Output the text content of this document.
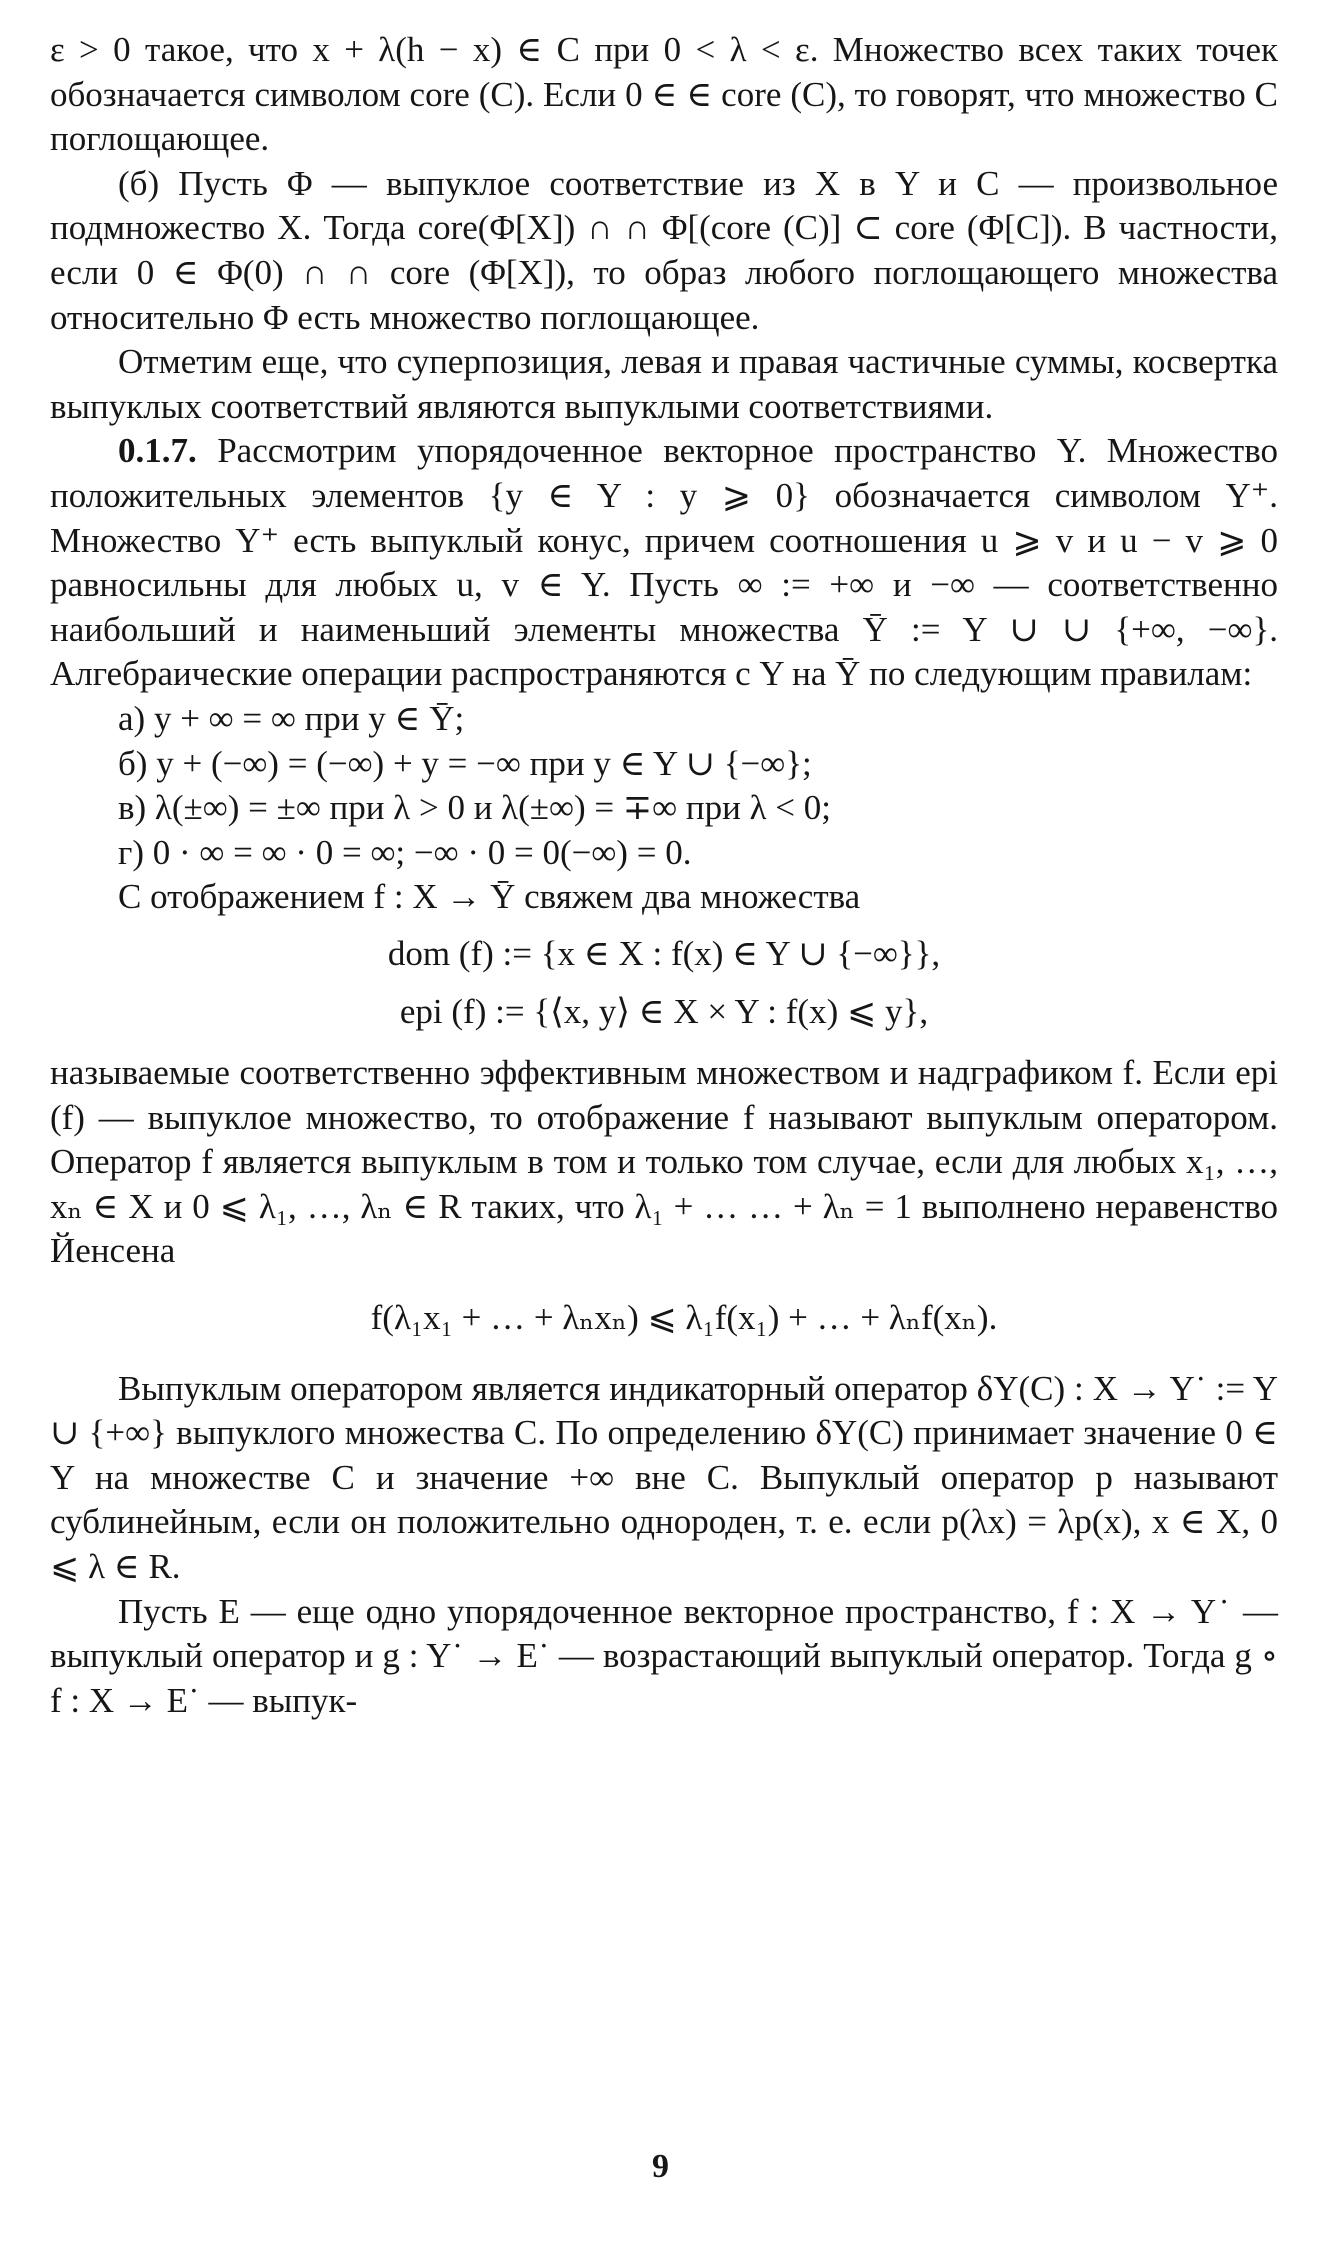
ε > 0 такое, что x + λ(h − x) ∈ C при 0 < λ < ε. Множество всех таких точек обозначается символом core (C). Если 0 ∈ ∈ core (C), то говорят, что множество C поглощающее.

(б) Пусть Φ — выпуклое соответствие из X в Y и C — произвольное подмножество X. Тогда core(Φ[X]) ∩ ∩ Φ[(core (C)] ⊂ core (Φ[C]). В частности, если 0 ∈ Φ(0) ∩ ∩ core (Φ[X]), то образ любого поглощающего множества относительно Φ есть множество поглощающее.

Отметим еще, что суперпозиция, левая и правая частичные суммы, косвертка выпуклых соответствий являются выпуклыми соответствиями.

0.1.7. Рассмотрим упорядоченное векторное пространство Y. Множество положительных элементов {y ∈ Y : y ⩾ 0} обозначается символом Y⁺. Множество Y⁺ есть выпуклый конус, причем соотношения u ⩾ v и u − v ⩾ 0 равносильны для любых u, v ∈ Y. Пусть ∞ := +∞ и −∞ — соответственно наибольший и наименьший элементы множества Ȳ := Y ∪ ∪ {+∞, −∞}. Алгебраические операции распространяются с Y на Ȳ по следующим правилам:

а) y + ∞ = ∞ при y ∈ Ȳ;

б) y + (−∞) = (−∞) + y = −∞ при y ∈ Y ∪ {−∞};

в) λ(±∞) = ±∞ при λ > 0 и λ(±∞) = ∓∞ при λ < 0;

г) 0 · ∞ = ∞ · 0 = ∞; −∞ · 0 = 0(−∞) = 0.

С отображением f : X → Ȳ свяжем два множества

dom (f) := {x ∈ X : f(x) ∈ Y ∪ {−∞}},
epi (f) := {⟨x, y⟩ ∈ X × Y : f(x) ⩽ y},

называемые соответственно эффективным множеством и надграфиком f. Если epi (f) — выпуклое множество, то отображение f называют выпуклым оператором. Оператор f является выпуклым в том и только том случае, если для любых x₁, …, xₙ ∈ X и 0 ⩽ λ₁, …, λₙ ∈ R таких, что λ₁ + … … + λₙ = 1 выполнено неравенство Йенсена

f(λ₁x₁ + … + λₙxₙ) ⩽ λ₁f(x₁) + … + λₙf(xₙ).

Выпуклым оператором является индикаторный оператор δY(C) : X → Y˙ := Y ∪ {+∞} выпуклого множества C. По определению δY(C) принимает значение 0 ∈ Y на множестве C и значение +∞ вне C. Выпуклый оператор p называют сублинейным, если он положительно однороден, т. е. если p(λx) = λp(x), x ∈ X, 0 ⩽ λ ∈ R.

Пусть E — еще одно упорядоченное векторное пространство, f : X → Y˙ — выпуклый оператор и g : Y˙ → E˙ — возрастающий выпуклый оператор. Тогда g ∘ f : X → E˙ — выпук-

9
